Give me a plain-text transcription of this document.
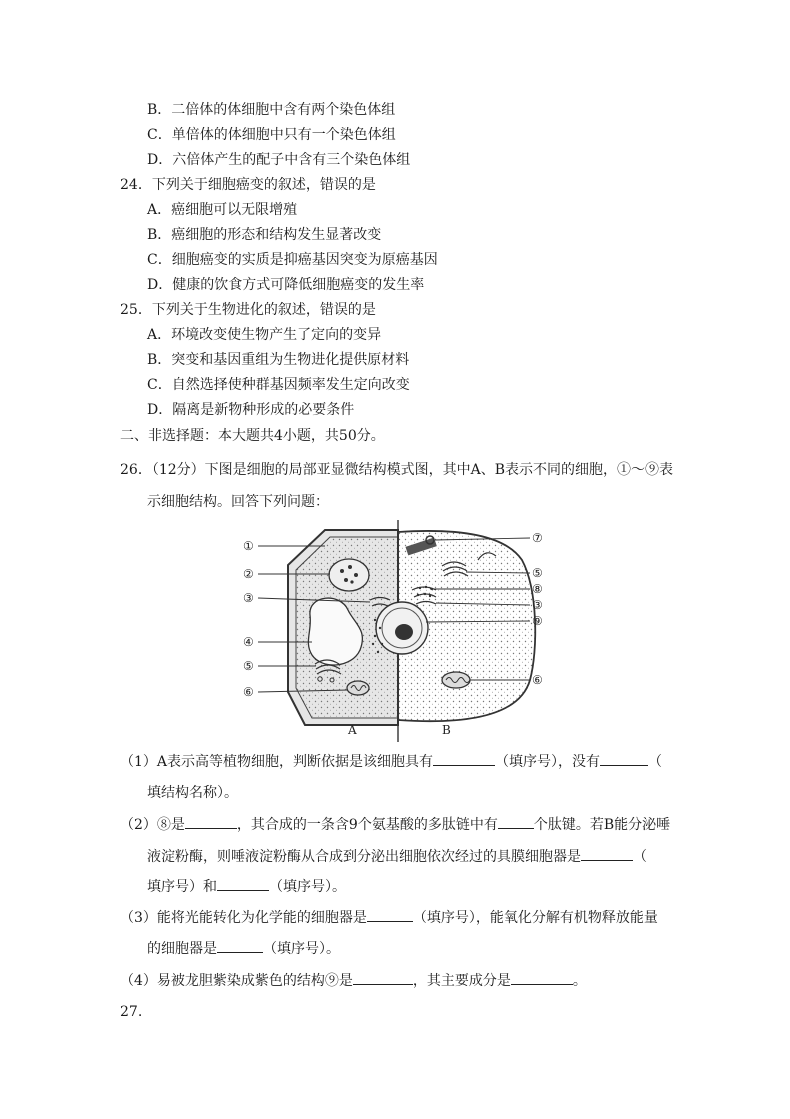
B．二倍体的体细胞中含有两个染色体组
C．单倍体的体细胞中只有一个染色体组
D．六倍体产生的配子中含有三个染色体组
24．下列关于细胞癌变的叙述，错误的是
A．癌细胞可以无限增殖
B．癌细胞的形态和结构发生显著改变
C．细胞癌变的实质是抑癌基因突变为原癌基因
D．健康的饮食方式可降低细胞癌变的发生率
25．下列关于生物进化的叙述，错误的是
A．环境改变使生物产生了定向的变异
B．突变和基因重组为生物进化提供原材料
C．自然选择使种群基因频率发生定向改变
D．隔离是新物种形成的必要条件
二、非选择题：本大题共4小题，共50分。
26．（12分）下图是细胞的局部亚显微结构模式图，其中A、B表示不同的细胞，①～⑨表
示细胞结构。回答下列问题：
①
②
③
④
⑤
⑥
⑦
⑤
⑧
③
⑨
⑥
A	B
（1）A表示高等植物细胞，判断依据是该细胞具有	（填序号），没有	（
填结构名称）。
（2）⑧是	，其合成的一条含9个氨基酸的多肽链中有	个肽键。若B能分泌唾
液淀粉酶，则唾液淀粉酶从合成到分泌出细胞依次经过的具膜细胞器是	（
填序号）和	（填序号）。
（3）能将光能转化为化学能的细胞器是	（填序号），能氧化分解有机物释放能量
的细胞器是	（填序号）。
（4）易被龙胆紫染成紫色的结构⑨是	，其主要成分是	。
27.
